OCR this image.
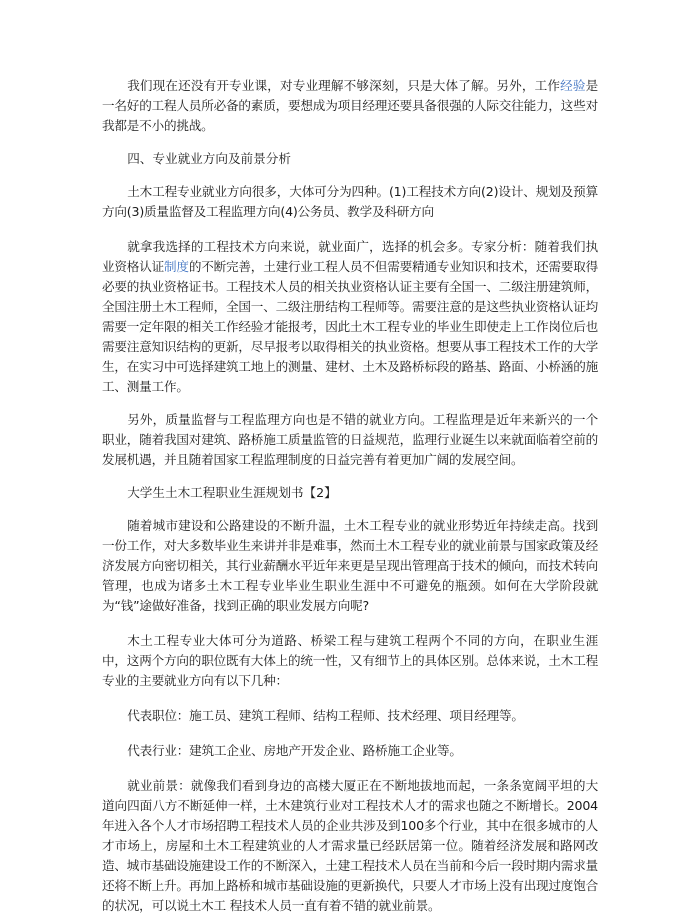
我们现在还没有开专业课，对专业理解不够深刻，只是大体了解。另外，工作经验是一名好的工程人员所必备的素质，要想成为项目经理还要具备很强的人际交往能力，这些对我都是不小的挑战。

四、专业就业方向及前景分析

土木工程专业就业方向很多，大体可分为四种。(1)工程技术方向(2)设计、规划及预算方向(3)质量监督及工程监理方向(4)公务员、教学及科研方向

就拿我选择的工程技术方向来说，就业面广，选择的机会多。专家分析：随着我们执业资格认证制度的不断完善，土建行业工程人员不但需要精通专业知识和技术，还需要取得必要的执业资格证书。工程技术人员的相关执业资格认证主要有全国一、二级注册建筑师，全国注册土木工程师，全国一、二级注册结构工程师等。需要注意的是这些执业资格认证均需要一定年限的相关工作经验才能报考，因此土木工程专业的毕业生即使走上工作岗位后也需要注意知识结构的更新，尽早报考以取得相关的执业资格。想要从事工程技术工作的大学生，在实习中可选择建筑工地上的测量、建材、土木及路桥标段的路基、路面、小桥涵的施工、测量工作。

另外，质量监督与工程监理方向也是不错的就业方向。工程监理是近年来新兴的一个职业，随着我国对建筑、路桥施工质量监管的日益规范，监理行业诞生以来就面临着空前的发展机遇，并且随着国家工程监理制度的日益完善有着更加广阔的发展空间。

大学生土木工程职业生涯规划书【2】

随着城市建设和公路建设的不断升温，土木工程专业的就业形势近年持续走高。找到一份工作，对大多数毕业生来讲并非是难事，然而土木工程专业的就业前景与国家政策及经济发展方向密切相关，其行业薪酬水平近年来更是呈现出管理高于技术的倾向，而技术转向管理，也成为诸多土木工程专业毕业生职业生涯中不可避免的瓶颈。如何在大学阶段就为“钱”途做好准备，找到正确的职业发展方向呢?

木土工程专业大体可分为道路、桥梁工程与建筑工程两个不同的方向，在职业生涯中，这两个方向的职位既有大体上的统一性，又有细节上的具体区别。总体来说，土木工程专业的主要就业方向有以下几种：

代表职位：施工员、建筑工程师、结构工程师、技术经理、项目经理等。

代表行业：建筑工企业、房地产开发企业、路桥施工企业等。

就业前景：就像我们看到身边的高楼大厦正在不断地拔地而起，一条条宽阔平坦的大道向四面八方不断延伸一样，土木建筑行业对工程技术人才的需求也随之不断增长。2004年进入各个人才市场招聘工程技术人员的企业共涉及到100多个行业，其中在很多城市的人才市场上，房屋和土木工程建筑业的人才需求量已经跃居第一位。随着经济发展和路网改造、城市基础设施建设工作的不断深入，土建工程技术人员在当前和今后一段时期内需求量还将不断上升。再加上路桥和城市基础设施的更新换代，只要人才市场上没有出现过度饱合的状况，可以说土木工 程技术人员一直有着不错的就业前景。
